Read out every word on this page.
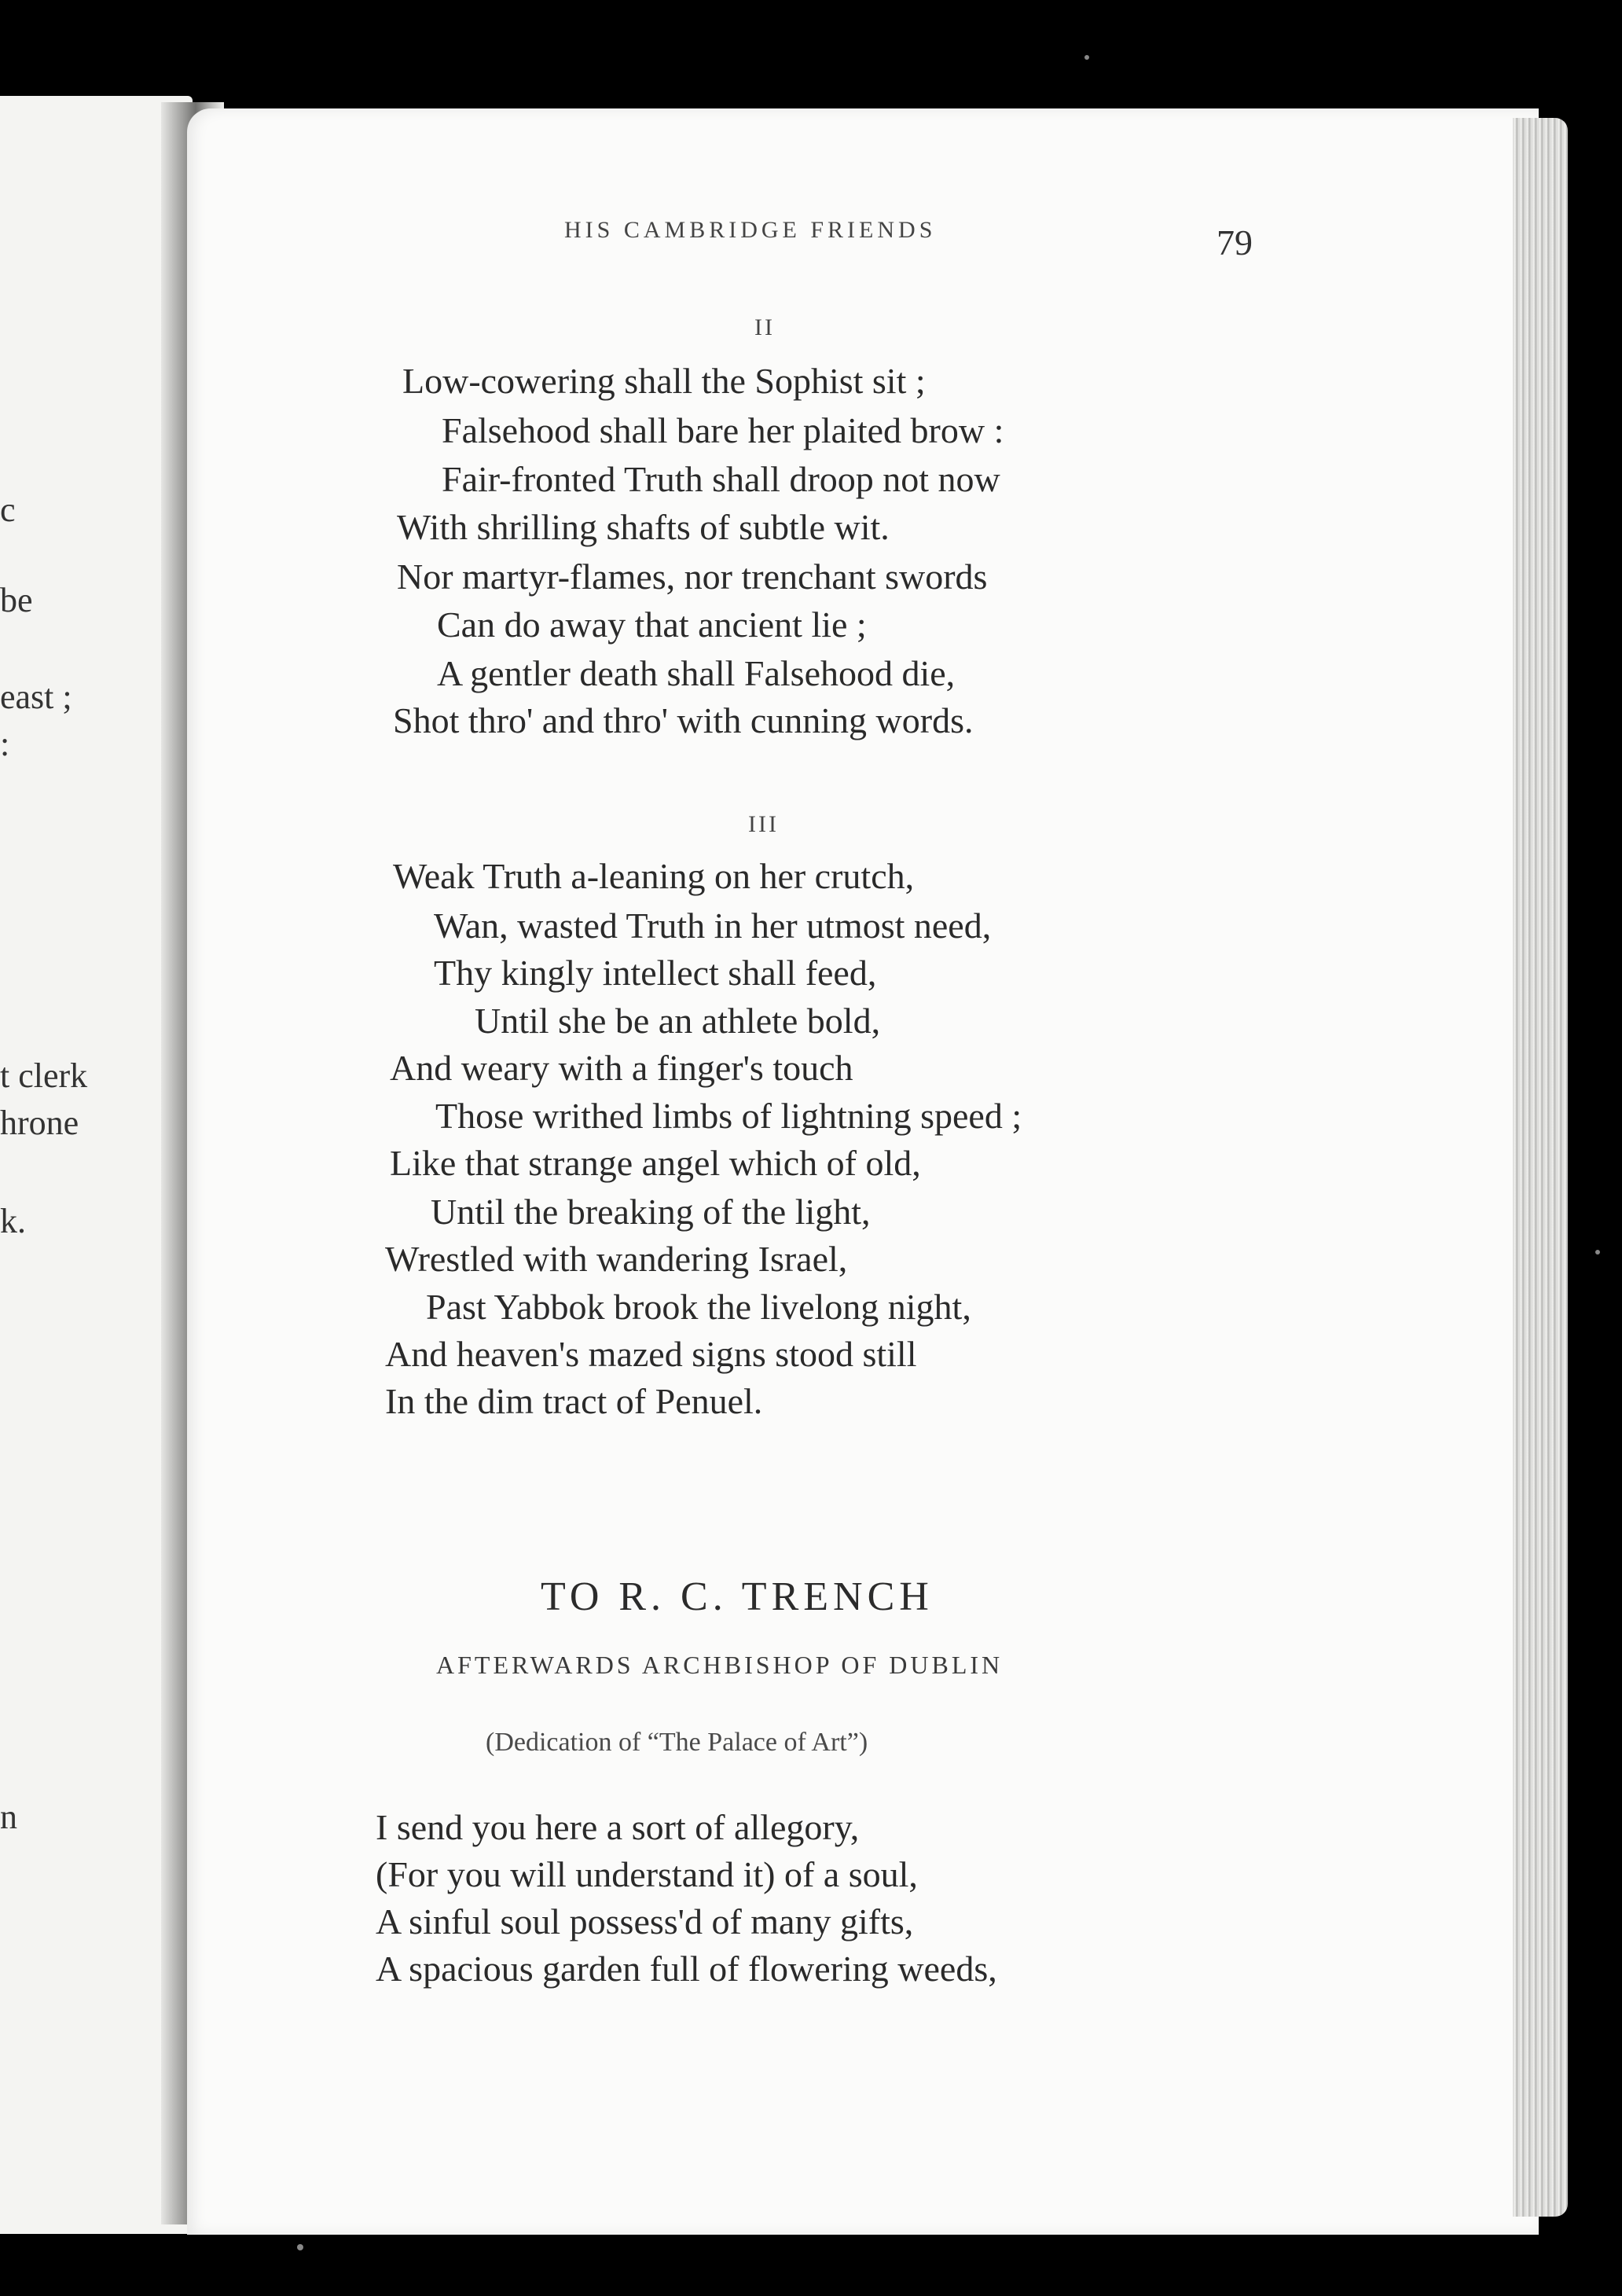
c
be
east ;
:
t clerk
hrone
k.
n
HIS CAMBRIDGE FRIENDS	79
II
Low-cowering shall the Sophist sit ;
Falsehood shall bare her plaited brow :
Fair-fronted Truth shall droop not now
With shrilling shafts of subtle wit.
Nor martyr-flames, nor trenchant swords
Can do away that ancient lie ;
A gentler death shall Falsehood die,
Shot thro' and thro' with cunning words.
III
Weak Truth a-leaning on her crutch,
Wan, wasted Truth in her utmost need,
Thy kingly intellect shall feed,
Until she be an athlete bold,
And weary with a finger's touch
Those writhed limbs of lightning speed ;
Like that strange angel which of old,
Until the breaking of the light,
Wrestled with wandering Israel,
Past Yabbok brook the livelong night,
And heaven's mazed signs stood still
In the dim tract of Penuel.
TO R. C. TRENCH
AFTERWARDS ARCHBISHOP OF DUBLIN
(Dedication of “The Palace of Art”)
I send you here a sort of allegory,
(For you will understand it) of a soul,
A sinful soul possess'd of many gifts,
A spacious garden full of flowering weeds,
